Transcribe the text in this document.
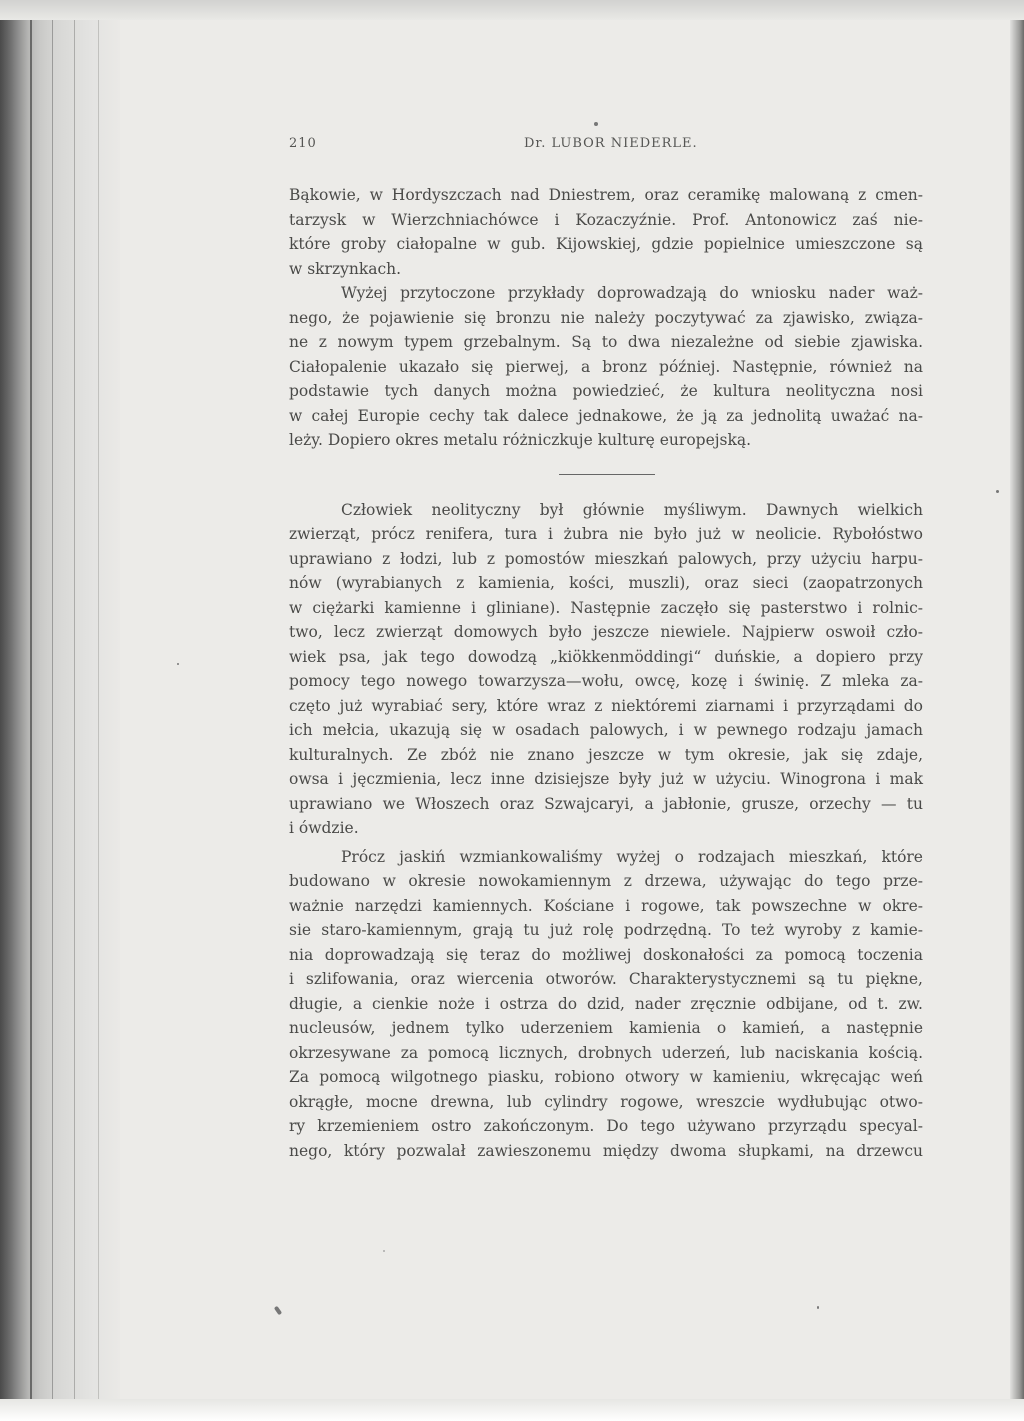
210	Dr. LUBOR NIEDERLE.
Bąkowie, w Hordyszczach nad Dniestrem, oraz ceramikę malowaną z cmen-
tarzysk w Wierzchniachówce i Kozaczyźnie. Prof. Antonowicz zaś nie-
które groby ciałopalne w gub. Kijowskiej, gdzie popielnice umieszczone są
w skrzynkach.
Wyżej przytoczone przykłady doprowadzają do wniosku nader waż-
nego, że pojawienie się bronzu nie należy poczytywać za zjawisko, związa-
ne z nowym typem grzebalnym. Są to dwa niezależne od siebie zjawiska.
Ciałopalenie ukazało się pierwej, a bronz później. Następnie, również na
podstawie tych danych można powiedzieć, że kultura neolityczna nosi
w całej Europie cechy tak dalece jednakowe, że ją za jednolitą uważać na-
leży. Dopiero okres metalu różniczkuje kulturę europejską.
Człowiek neolityczny był głównie myśliwym. Dawnych wielkich
zwierząt, prócz renifera, tura i żubra nie było już w neolicie. Rybołóstwo
uprawiano z łodzi, lub z pomostów mieszkań palowych, przy użyciu harpu-
nów (wyrabianych z kamienia, kości, muszli), oraz sieci (zaopatrzonych
w ciężarki kamienne i gliniane). Następnie zaczęło się pasterstwo i rolnic-
two, lecz zwierząt domowych było jeszcze niewiele. Najpierw oswoił czło-
wiek psa, jak tego dowodzą „kiökkenmöddingi“ duńskie, a dopiero przy
pomocy tego nowego towarzysza—wołu, owcę, kozę i świnię. Z mleka za-
częto już wyrabiać sery, które wraz z niektóremi ziarnami i przyrządami do
ich mełcia, ukazują się w osadach palowych, i w pewnego rodzaju jamach
kulturalnych. Ze zbóż nie znano jeszcze w tym okresie, jak się zdaje,
owsa i jęczmienia, lecz inne dzisiejsze były już w użyciu. Winogrona i mak
uprawiano we Włoszech oraz Szwajcaryi, a jabłonie, grusze, orzechy — tu
i ówdzie.
Prócz jaskiń wzmiankowaliśmy wyżej o rodzajach mieszkań, które
budowano w okresie nowokamiennym z drzewa, używając do tego prze-
ważnie narzędzi kamiennych. Kościane i rogowe, tak powszechne w okre-
sie staro-kamiennym, grają tu już rolę podrzędną. To też wyroby z kamie-
nia doprowadzają się teraz do możliwej doskonałości za pomocą toczenia
i szlifowania, oraz wiercenia otworów. Charakterystycznemi są tu piękne,
długie, a cienkie noże i ostrza do dzid, nader zręcznie odbijane, od t. zw.
nucleusów, jednem tylko uderzeniem kamienia o kamień, a następnie
okrzesywane za pomocą licznych, drobnych uderzeń, lub naciskania kością.
Za pomocą wilgotnego piasku, robiono otwory w kamieniu, wkręcając weń
okrągłe, mocne drewna, lub cylindry rogowe, wreszcie wydłubując otwo-
ry krzemieniem ostro zakończonym. Do tego używano przyrządu specyal-
nego, który pozwalał zawieszonemu między dwoma słupkami, na drzewcu
